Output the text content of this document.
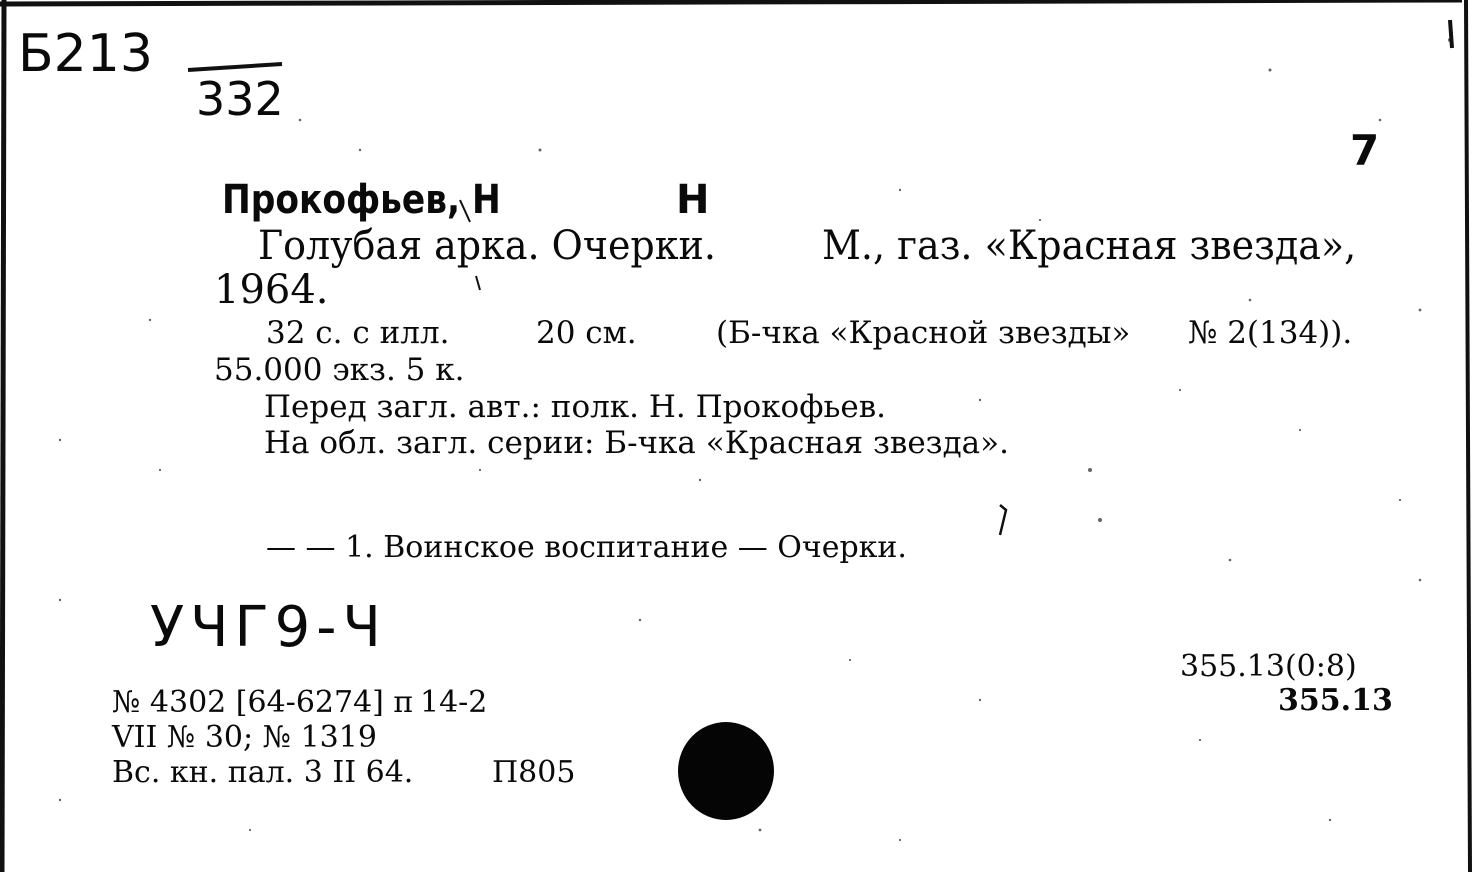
Б213
332
7
Прокофьев, Н	Н
Голубая арка. Очерки.	М., газ. «Красная звезда»,
1964.
32 с. с илл.	20 см.	(Б-чка «Красной звезды» № 2(134)).
55.000 экз. 5 к.
Перед загл. авт.: полк. Н. Прокофьев.
На обл. загл. серии: Б-чка «Красная звезда».
— — 1. Воинское воспитание — Очерки.
УЧГ9-Ч
355.13(0:8)
355.13
№ 4302 [64-6274] п 14-2
VII № 30; № 1319
Вс. кн. пал. 3 II 64.	П805
